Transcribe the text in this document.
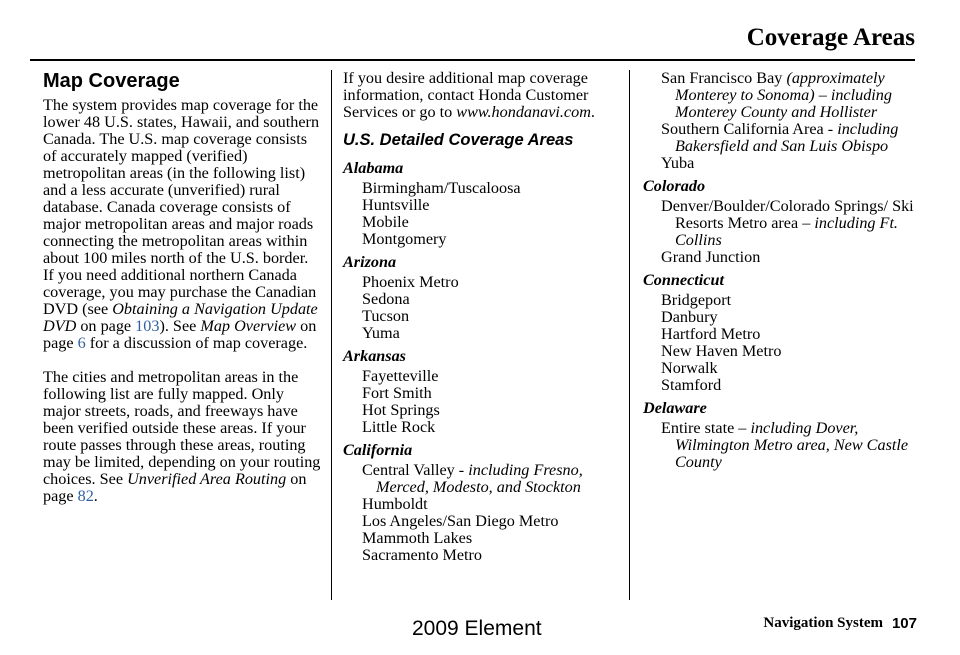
Coverage Areas
Map Coverage

The system provides map coverage for the lower 48 U.S. states, Hawaii, and southern Canada. The U.S. map coverage consists of accurately mapped (verified) metropolitan areas (in the following list) and a less accurate (unverified) rural database. Canada coverage consists of major metropolitan areas and major roads connecting the metropolitan areas within about 100 miles north of the U.S. border. If you need additional northern Canada coverage, you may purchase the Canadian DVD (see Obtaining a Navigation Update DVD on page 103). See Map Overview on page 6 for a discussion of map coverage.

The cities and metropolitan areas in the following list are fully mapped. Only major streets, roads, and freeways have been verified outside these areas. If your route passes through these areas, routing may be limited, depending on your routing choices. See Unverified Area Routing on page 82.

If you desire additional map coverage information, contact Honda Customer Services or go to www.hondanavi.com.

U.S. Detailed Coverage Areas
Alabama
Birmingham/Tuscaloosa
Huntsville
Mobile
Montgomery
Arizona
Phoenix Metro
Sedona
Tucson
Yuma
Arkansas
Fayetteville
Fort Smith
Hot Springs
Little Rock
California
Central Valley - including Fresno, Merced, Modesto, and Stockton
Humboldt
Los Angeles/San Diego Metro
Mammoth Lakes
Sacramento Metro
San Francisco Bay (approximately Monterey to Sonoma) – including Monterey County and Hollister
Southern California Area - including Bakersfield and San Luis Obispo
Yuba
Colorado
Denver/Boulder/Colorado Springs/ Ski Resorts Metro area – including Ft. Collins
Grand Junction
Connecticut
Bridgeport
Danbury
Hartford Metro
New Haven Metro
Norwalk
Stamford
Delaware
Entire state – including Dover, Wilmington Metro area, New Castle County
Navigation System 107
2009 Element
